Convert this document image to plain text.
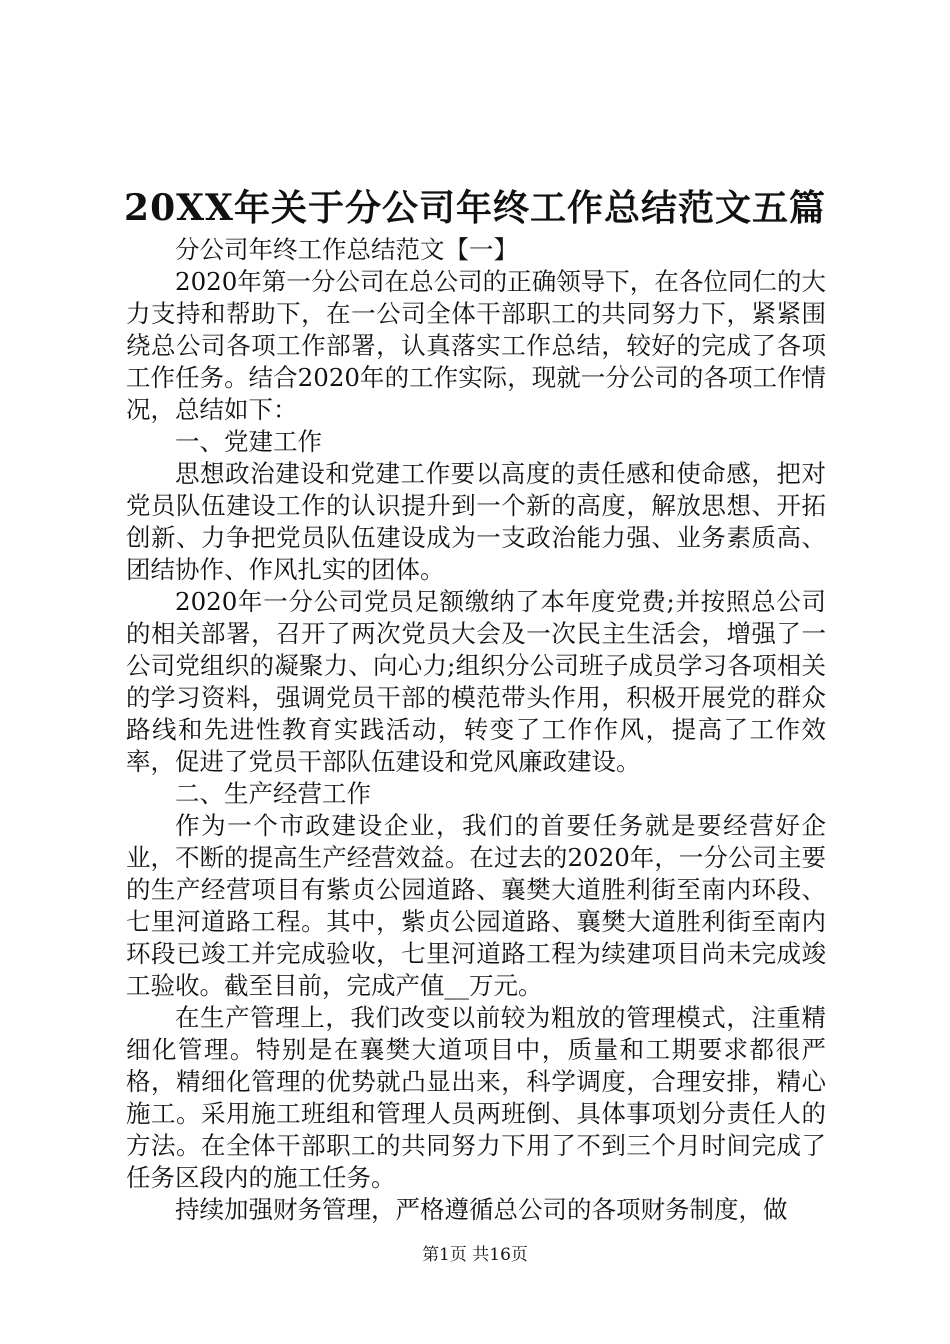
20XX年关于分公司年终工作总结范文五篇

分公司年终工作总结范文【一】

2020年第一分公司在总公司的正确领导下，在各位同仁的大力支持和帮助下，在一公司全体干部职工的共同努力下，紧紧围绕总公司各项工作部署，认真落实工作总结，较好的完成了各项工作任务。结合2020年的工作实际，现就一分公司的各项工作情况，总结如下：

一、党建工作

思想政治建设和党建工作要以高度的责任感和使命感，把对党员队伍建设工作的认识提升到一个新的高度，解放思想、开拓创新、力争把党员队伍建设成为一支政治能力强、业务素质高、团结协作、作风扎实的团体。

2020年一分公司党员足额缴纳了本年度党费;并按照总公司的相关部署，召开了两次党员大会及一次民主生活会，增强了一公司党组织的凝聚力、向心力;组织分公司班子成员学习各项相关的学习资料，强调党员干部的模范带头作用，积极开展党的群众路线和先进性教育实践活动，转变了工作作风，提高了工作效率，促进了党员干部队伍建设和党风廉政建设。

二、生产经营工作

作为一个市政建设企业，我们的首要任务就是要经营好企业，不断的提高生产经营效益。在过去的2020年，一分公司主要的生产经营项目有紫贞公园道路、襄樊大道胜利街至南内环段、七里河道路工程。其中，紫贞公园道路、襄樊大道胜利街至南内环段已竣工并完成验收，七里河道路工程为续建项目尚未完成竣工验收。截至目前，完成产值__万元。

在生产管理上，我们改变以前较为粗放的管理模式，注重精细化管理。特别是在襄樊大道项目中，质量和工期要求都很严格，精细化管理的优势就凸显出来，科学调度，合理安排，精心施工。采用施工班组和管理人员两班倒、具体事项划分责任人的方法。在全体干部职工的共同努力下用了不到三个月时间完成了任务区段内的施工任务。

持续加强财务管理，严格遵循总公司的各项财务制度，做

第1页 共16页
